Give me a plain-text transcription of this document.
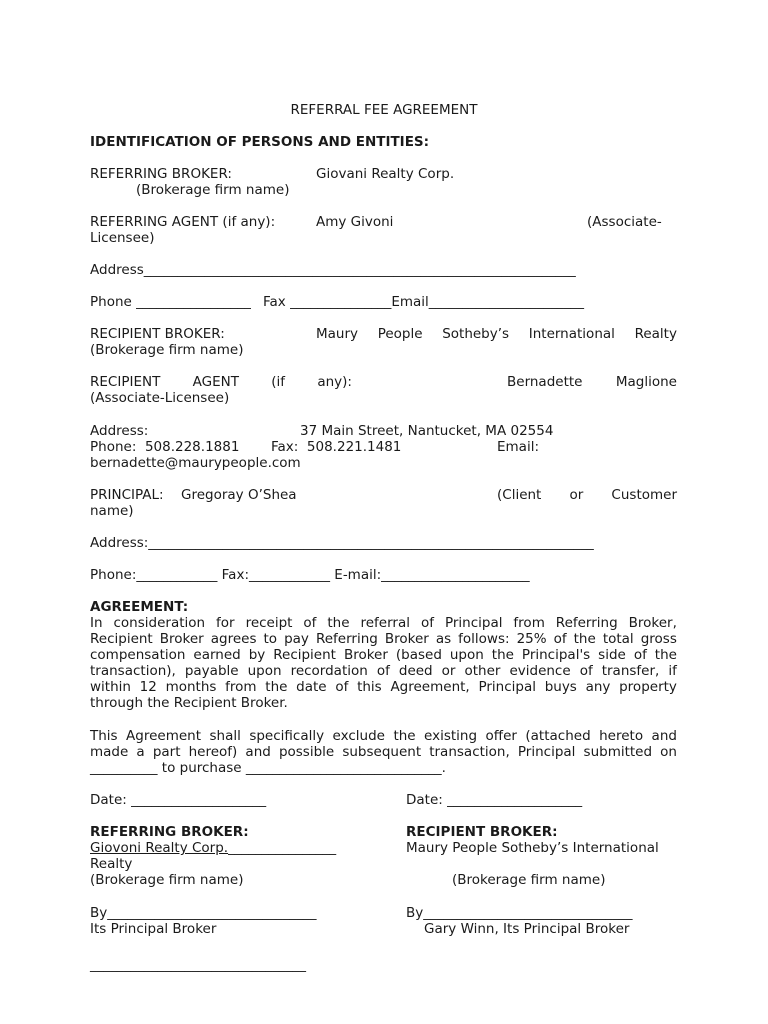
REFERRAL FEE AGREEMENT
IDENTIFICATION OF PERSONS AND ENTITIES:
REFERRING BROKER:	Giovani Realty Corp.
(Brokerage firm name)
REFERRING AGENT (if any):	Amy Givoni	(Associate-
Licensee)
Address________________________________________________________________
Phone _________________ Fax _______________Email_______________________
RECIPIENT BROKER:	Maury People Sotheby’s International Realty
(Brokerage firm name)
RECIPIENT AGENT (if any):	Bernadette Maglione
(Associate-Licensee)
Address:	37 Main Street, Nantucket, MA 02554
Phone:  508.228.1881 Fax:  508.221.1481	Email:
bernadette@maurypeople.com
PRINCIPAL: Gregoray O’Shea	(Client or Customer
name)
Address:__________________________________________________________________
Phone:____________ Fax:____________ E-mail:______________________
AGREEMENT:
In consideration for receipt of the referral of Principal from Referring Broker,
Recipient Broker agrees to pay Referring Broker as follows: 25% of the total gross
compensation earned by Recipient Broker (based upon the Principal's side of the
transaction), payable upon recordation of deed or other evidence of transfer, if
within 12 months from the date of this Agreement, Principal buys any property
through the Recipient Broker.
This Agreement shall specifically exclude the existing offer (attached hereto and
made a part hereof) and possible subsequent transaction, Principal submitted on
__________ to purchase _____________________________.
Date: ____________________	Date: ____________________
REFERRING BROKER:	RECIPIENT BROKER:
Giovoni Realty Corp.________________	Maury People Sotheby’s International
Realty
(Brokerage firm name)	(Brokerage firm name)
By_______________________________	By_______________________________
Its Principal Broker	Gary Winn, Its Principal Broker
________________________________
